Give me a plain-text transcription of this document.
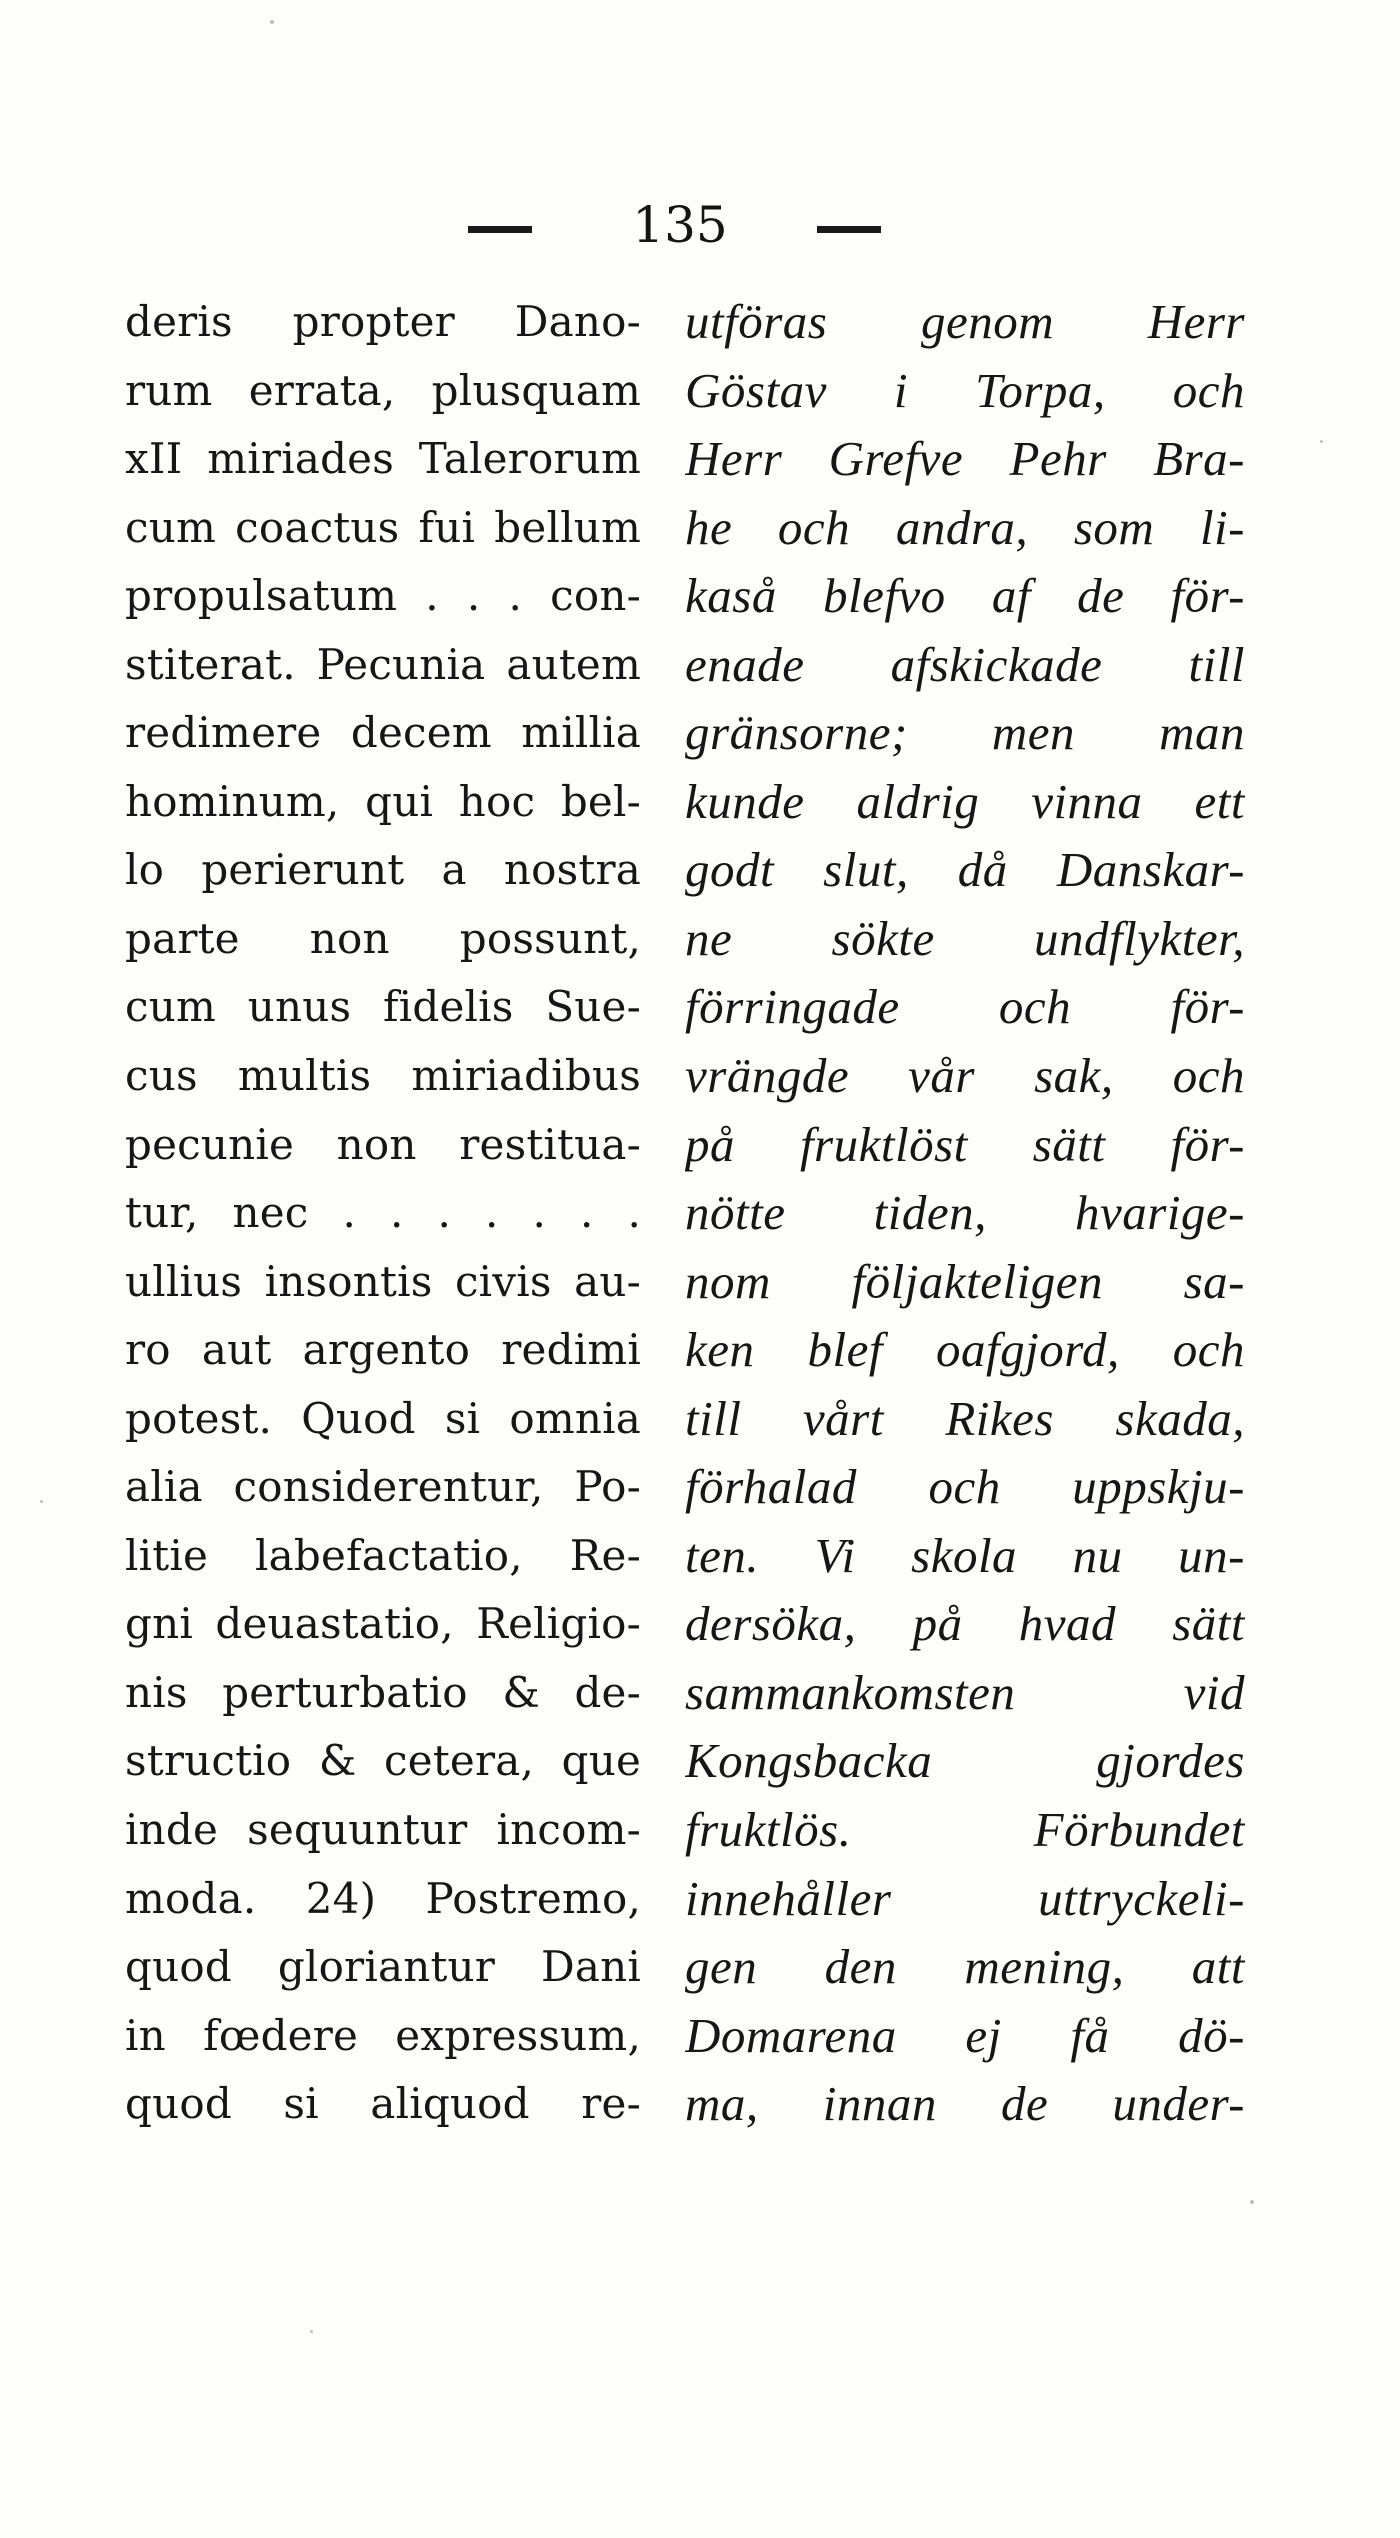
135
deris propter Dano-
rum errata, plusquam
xII miriades Talerorum
cum coactus fui bellum
propulsatum . . . con-
stiterat. Pecunia autem
redimere decem millia
hominum, qui hoc bel-
lo perierunt a nostra
parte non possunt,
cum unus fidelis Sue-
cus multis miriadibus
pecunie non restitua-
tur, nec . . . . . . .
ullius insontis civis au-
ro aut argento redimi
potest. Quod si omnia
alia considerentur, Po-
litie labefactatio, Re-
gni deuastatio, Religio-
nis perturbatio & de-
structio & cetera, que
inde sequuntur incom-
moda. 24) Postremo,
quod gloriantur Dani
in fœdere expressum,
quod si aliquod re-
utföras genom Herr
Göstav i Torpa, och
Herr Grefve Pehr Bra-
he och andra, som li-
kaså blefvo af de för-
enade afskickade till
gränsorne; men man
kunde aldrig vinna ett
godt slut, då Danskar-
ne sökte undflykter,
förringade och för-
vrängde vår sak, och
på fruktlöst sätt för-
nötte tiden, hvarige-
nom följakteligen sa-
ken blef oafgjord, och
till vårt Rikes skada,
förhalad och uppskju-
ten. Vi skola nu un-
dersöka, på hvad sätt
sammankomsten vid
Kongsbacka gjordes
fruktlös. Förbundet
innehåller uttryckeli-
gen den mening, att
Domarena ej få dö-
ma, innan de under-
